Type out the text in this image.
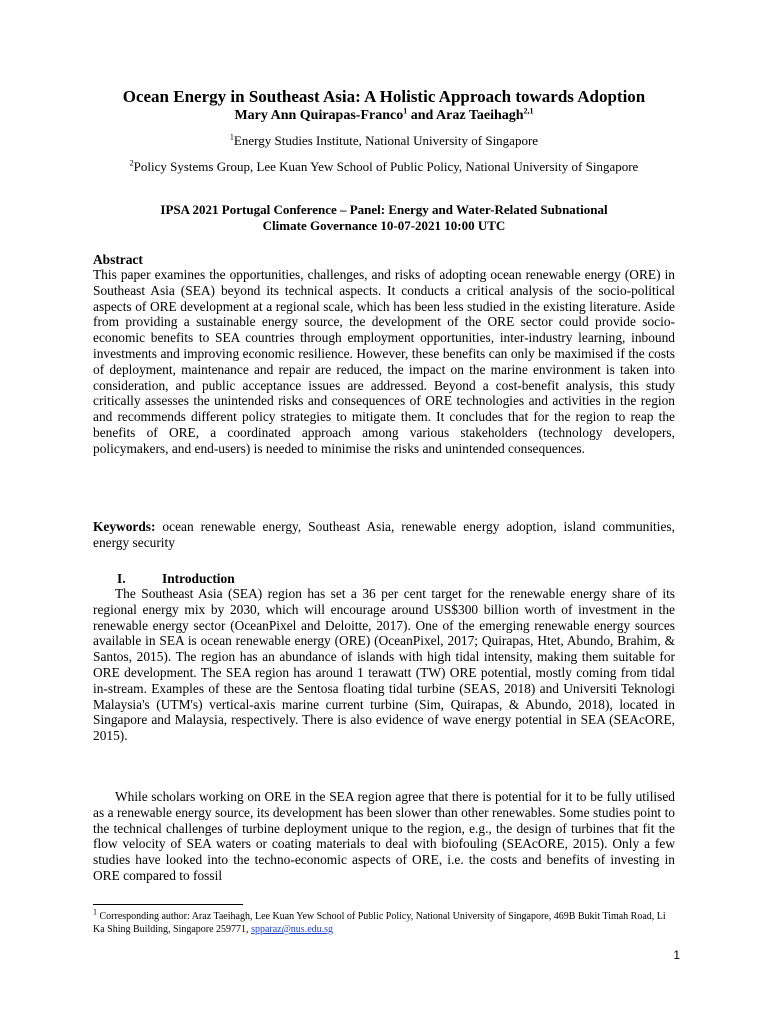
Ocean Energy in Southeast Asia: A Holistic Approach towards Adoption
Mary Ann Quirapas-Franco$^1$ and Araz Taeihagh$^{2,1}$
$^1$Energy Studies Institute, National University of Singapore
$^2$Policy Systems Group, Lee Kuan Yew School of Public Policy, National University of Singapore
IPSA 2021 Portugal Conference – Panel: Energy and Water-Related Subnational
Climate Governance 10-07-2021 10:00 UTC
Abstract
This paper examines the opportunities, challenges, and risks of adopting ocean renewable energy (ORE) in Southeast Asia (SEA) beyond its technical aspects. It conducts a critical analysis of the socio-political aspects of ORE development at a regional scale, which has been less studied in the existing literature. Aside from providing a sustainable energy source, the development of the ORE sector could provide socio-economic benefits to SEA countries through employment opportunities, inter-industry learning, inbound investments and improving economic resilience. However, these benefits can only be maximised if the costs of deployment, maintenance and repair are reduced, the impact on the marine environment is taken into consideration, and public acceptance issues are addressed. Beyond a cost-benefit analysis, this study critically assesses the unintended risks and consequences of ORE technologies and activities in the region and recommends different policy strategies to mitigate them. It concludes that for the region to reap the benefits of ORE, a coordinated approach among various stakeholders (technology developers, policymakers, and end-users) is needed to minimise the risks and unintended consequences.
Keywords: ocean renewable energy, Southeast Asia, renewable energy adoption, island communities, energy security
I.	Introduction
The Southeast Asia (SEA) region has set a 36 per cent target for the renewable energy share of its regional energy mix by 2030, which will encourage around US$300 billion worth of investment in the renewable energy sector (OceanPixel and Deloitte, 2017). One of the emerging renewable energy sources available in SEA is ocean renewable energy (ORE) (OceanPixel, 2017; Quirapas, Htet, Abundo, Brahim, & Santos, 2015). The region has an abundance of islands with high tidal intensity, making them suitable for ORE development. The SEA region has around 1 terawatt (TW) ORE potential, mostly coming from tidal in-stream. Examples of these are the Sentosa floating tidal turbine (SEAS, 2018) and Universiti Teknologi Malaysia's (UTM's) vertical-axis marine current turbine (Sim, Quirapas, & Abundo, 2018), located in Singapore and Malaysia, respectively. There is also evidence of wave energy potential in SEA (SEAcORE, 2015).
While scholars working on ORE in the SEA region agree that there is potential for it to be fully utilised as a renewable energy source, its development has been slower than other renewables. Some studies point to the technical challenges of turbine deployment unique to the region, e.g., the design of turbines that fit the flow velocity of SEA waters or coating materials to deal with biofouling (SEAcORE, 2015). Only a few studies have looked into the techno-economic aspects of ORE, i.e. the costs and benefits of investing in ORE compared to fossil
$^1$ Corresponding author: Araz Taeihagh, Lee Kuan Yew School of Public Policy, National University of Singapore, 469B Bukit Timah Road, Li Ka Shing Building, Singapore 259771, spparaz@nus.edu.sg
1
